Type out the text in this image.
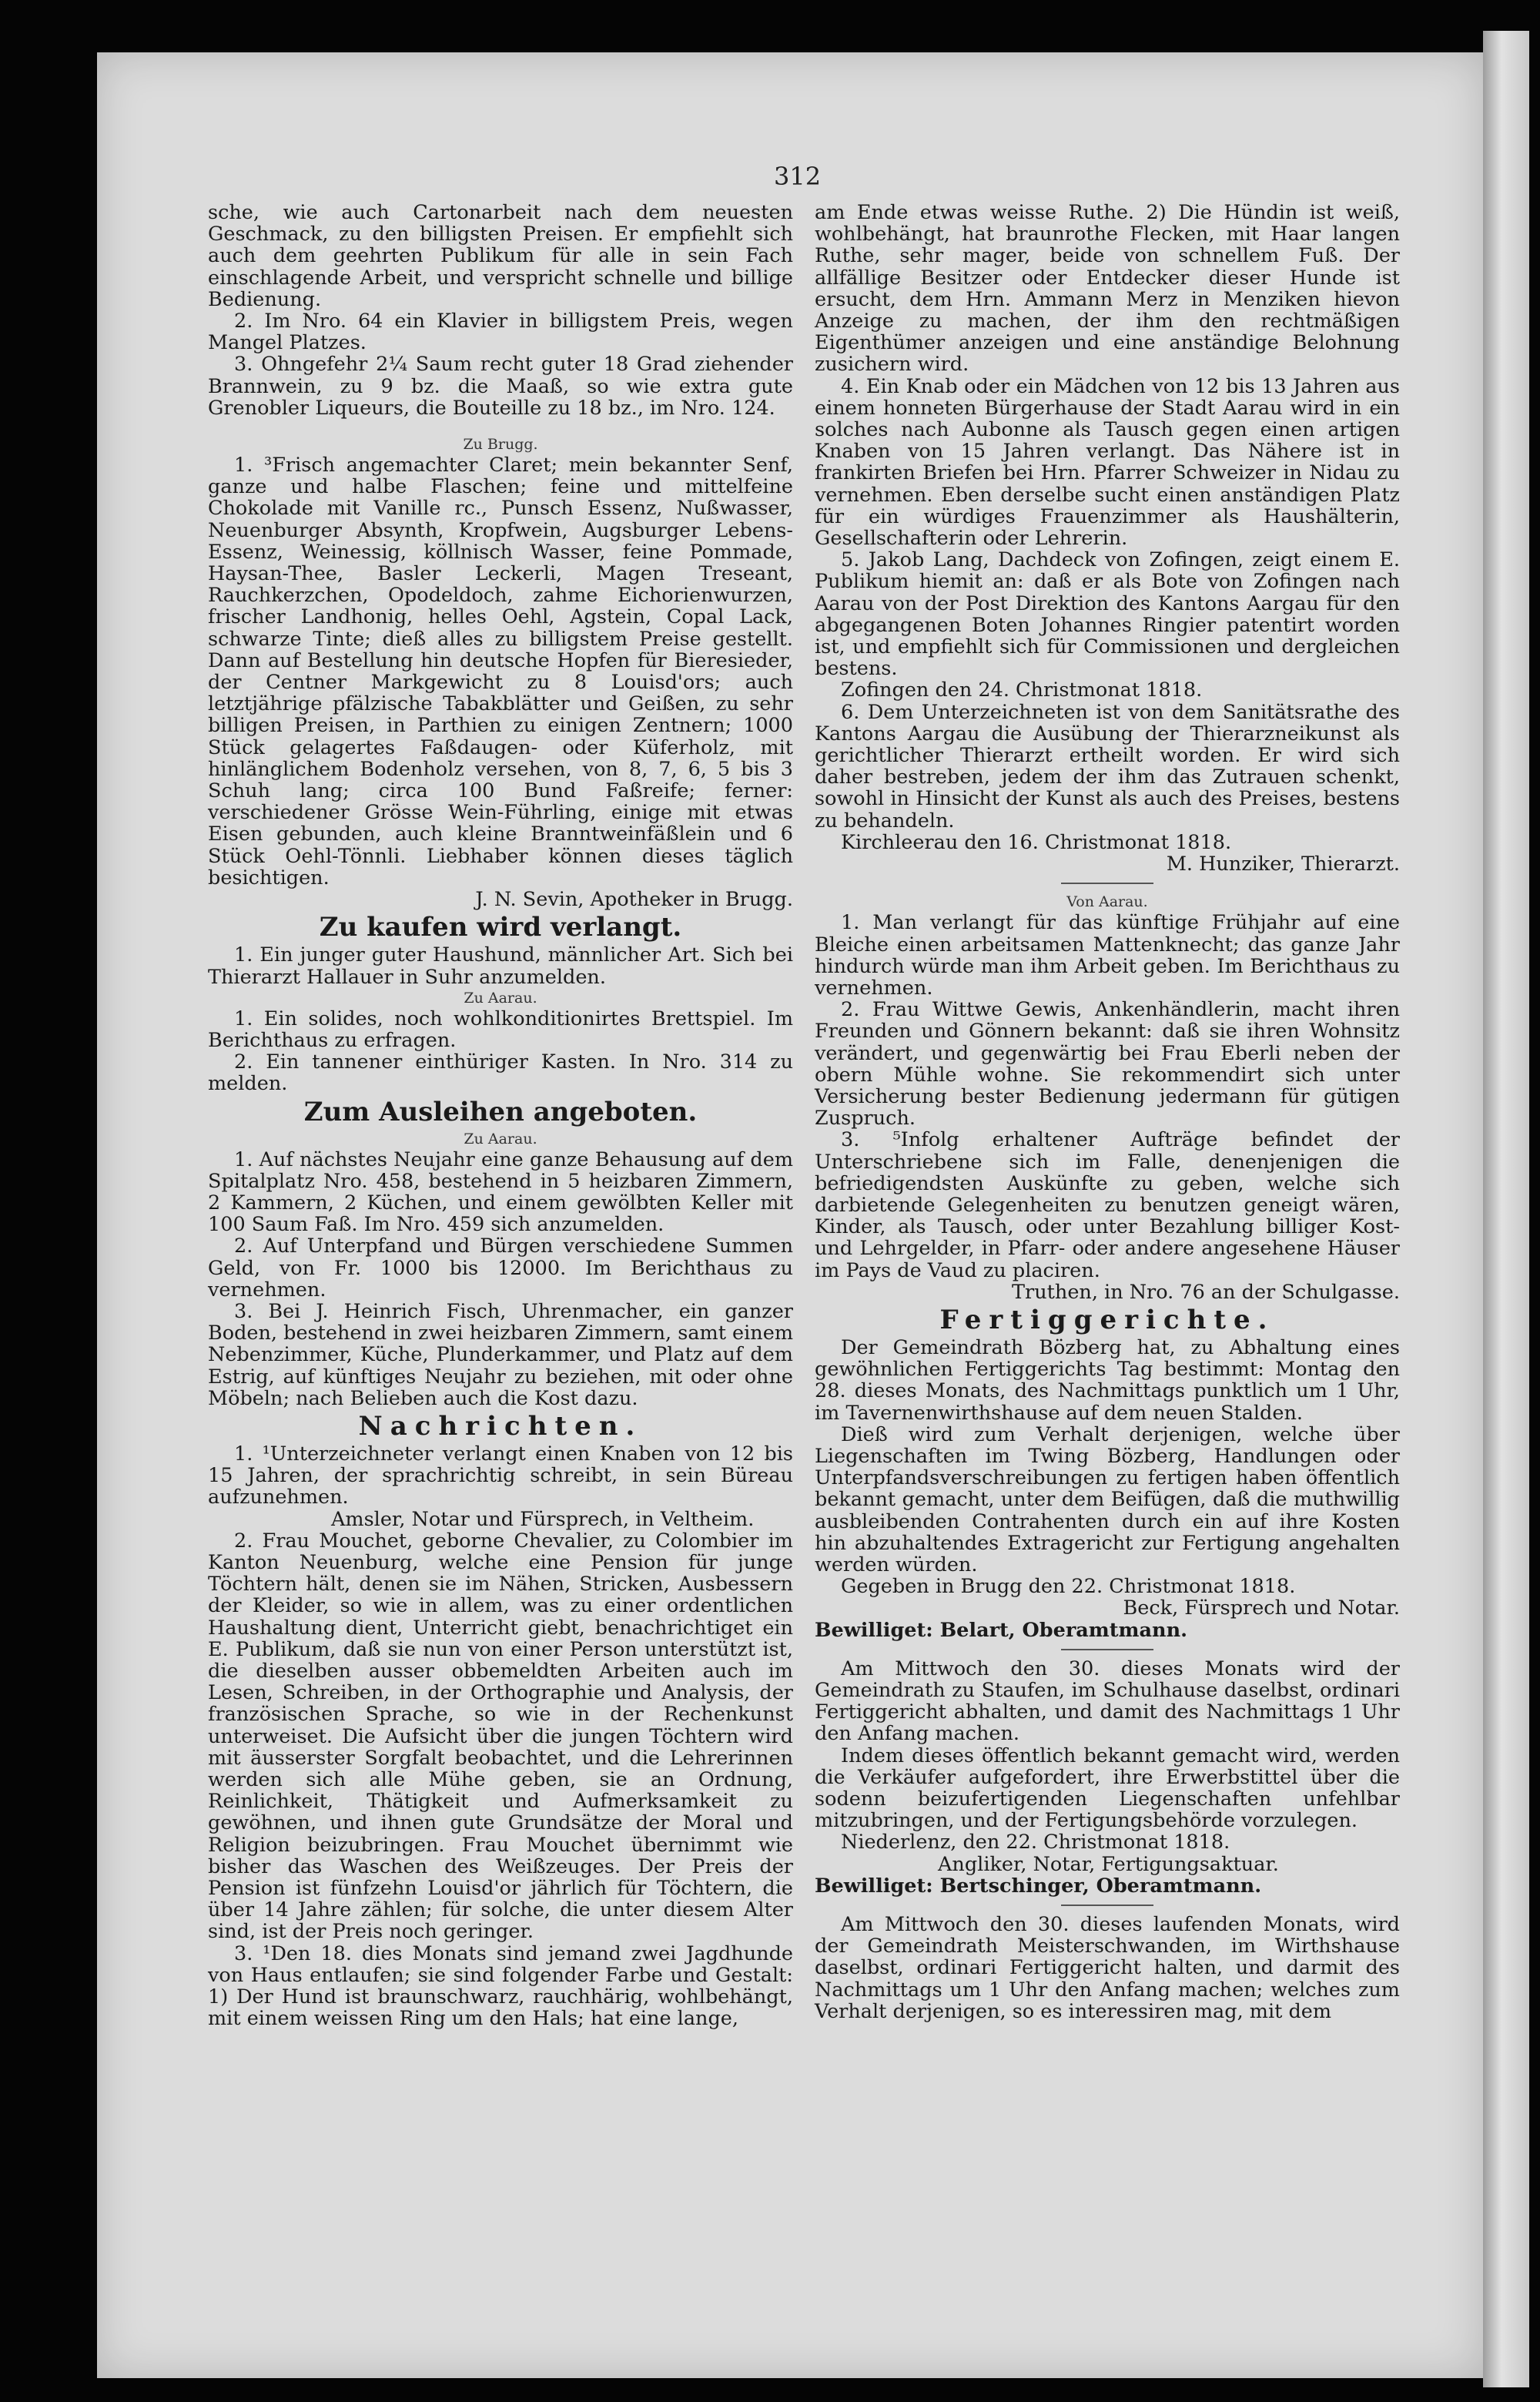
312

sche, wie auch Cartonarbeit nach dem neuesten Geschmack, zu den billigsten Preisen. Er empfiehlt sich auch dem geehrten Publikum für alle in sein Fach einschlagende Arbeit, und verspricht schnelle und billige Bedienung.

2. Im Nro. 64 ein Klavier in billigstem Preis, wegen Mangel Platzes.

3. Ohngefehr 2¼ Saum recht guter 18 Grad ziehender Brannwein, zu 9 bz. die Maaß, so wie extra gute Grenobler Liqueurs, die Bouteille zu 18 bz., im Nro. 124.

Zu Brugg.

1. ³Frisch angemachter Claret; mein bekannter Senf, ganze und halbe Flaschen; feine und mittelfeine Chokolade mit Vanille rc., Punsch Essenz, Nußwasser, Neuenburger Absynth, Kropfwein, Augsburger Lebens-Essenz, Weinessig, köllnisch Wasser, feine Pommade, Haysan-Thee, Basler Leckerli, Magen Treseant, Rauchkerzchen, Opodeldoch, zahme Eichorienwurzen, frischer Landhonig, helles Oehl, Agstein, Copal Lack, schwarze Tinte; dieß alles zu billigstem Preise gestellt. Dann auf Bestellung hin deutsche Hopfen für Bieresieder, der Centner Markgewicht zu 8 Louisd'ors; auch letztjährige pfälzische Tabakblätter und Geißen, zu sehr billigen Preisen, in Parthien zu einigen Zentnern; 1000 Stück gelagertes Faßdaugen- oder Küferholz, mit hinlänglichem Bodenholz versehen, von 8, 7, 6, 5 bis 3 Schuh lang; circa 100 Bund Faßreife; ferner: verschiedener Grösse Wein-Führling, einige mit etwas Eisen gebunden, auch kleine Branntweinfäßlein und 6 Stück Oehl-Tönnli. Liebhaber können dieses täglich besichtigen.

J. N. Sevin, Apotheker in Brugg.

Zu kaufen wird verlangt.

1. Ein junger guter Haushund, männlicher Art. Sich bei Thierarzt Hallauer in Suhr anzumelden.

Zu Aarau.

1. Ein solides, noch wohlkonditionirtes Brettspiel. Im Berichthaus zu erfragen.

2. Ein tannener einthüriger Kasten. In Nro. 314 zu melden.

Zum Ausleihen angeboten.

Zu Aarau.

1. Auf nächstes Neujahr eine ganze Behausung auf dem Spitalplatz Nro. 458, bestehend in 5 heizbaren Zimmern, 2 Kammern, 2 Küchen, und einem gewölbten Keller mit 100 Saum Faß. Im Nro. 459 sich anzumelden.

2. Auf Unterpfand und Bürgen verschiedene Summen Geld, von Fr. 1000 bis 12000. Im Berichthaus zu vernehmen.

3. Bei J. Heinrich Fisch, Uhrenmacher, ein ganzer Boden, bestehend in zwei heizbaren Zimmern, samt einem Nebenzimmer, Küche, Plunderkammer, und Platz auf dem Estrig, auf künftiges Neujahr zu beziehen, mit oder ohne Möbeln; nach Belieben auch die Kost dazu.

Nachrichten.

1. ¹Unterzeichneter verlangt einen Knaben von 12 bis 15 Jahren, der sprachrichtig schreibt, in sein Büreau aufzunehmen.

Amsler, Notar und Fürsprech, in Veltheim.

2. Frau Mouchet, geborne Chevalier, zu Colombier im Kanton Neuenburg, welche eine Pension für junge Töchtern hält, denen sie im Nähen, Stricken, Ausbessern der Kleider, so wie in allem, was zu einer ordentlichen Haushaltung dient, Unterricht giebt, benachrichtiget ein E. Publikum, daß sie nun von einer Person unterstützt ist, die dieselben ausser obbemeldten Arbeiten auch im Lesen, Schreiben, in der Orthographie und Analysis, der französischen Sprache, so wie in der Rechenkunst unterweiset. Die Aufsicht über die jungen Töchtern wird mit äusserster Sorgfalt beobachtet, und die Lehrerinnen werden sich alle Mühe geben, sie an Ordnung, Reinlichkeit, Thätigkeit und Aufmerksamkeit zu gewöhnen, und ihnen gute Grundsätze der Moral und Religion beizubringen. Frau Mouchet übernimmt wie bisher das Waschen des Weißzeuges. Der Preis der Pension ist fünfzehn Louisd'or jährlich für Töchtern, die über 14 Jahre zählen; für solche, die unter diesem Alter sind, ist der Preis noch geringer.

3. ¹Den 18. dies Monats sind jemand zwei Jagdhunde von Haus entlaufen; sie sind folgender Farbe und Gestalt: 1) Der Hund ist braunschwarz, rauchhärig, wohlbehängt, mit einem weissen Ring um den Hals; hat eine lange,

am Ende etwas weisse Ruthe. 2) Die Hündin ist weiß, wohlbehängt, hat braunrothe Flecken, mit Haar langen Ruthe, sehr mager, beide von schnellem Fuß. Der allfällige Besitzer oder Entdecker dieser Hunde ist ersucht, dem Hrn. Ammann Merz in Menziken hievon Anzeige zu machen, der ihm den rechtmäßigen Eigenthümer anzeigen und eine anständige Belohnung zusichern wird.

4. Ein Knab oder ein Mädchen von 12 bis 13 Jahren aus einem honneten Bürgerhause der Stadt Aarau wird in ein solches nach Aubonne als Tausch gegen einen artigen Knaben von 15 Jahren verlangt. Das Nähere ist in frankirten Briefen bei Hrn. Pfarrer Schweizer in Nidau zu vernehmen. Eben derselbe sucht einen anständigen Platz für ein würdiges Frauenzimmer als Haushälterin, Gesellschafterin oder Lehrerin.

5. Jakob Lang, Dachdeck von Zofingen, zeigt einem E. Publikum hiemit an: daß er als Bote von Zofingen nach Aarau von der Post Direktion des Kantons Aargau für den abgegangenen Boten Johannes Ringier patentirt worden ist, und empfiehlt sich für Commissionen und dergleichen bestens.

Zofingen den 24. Christmonat 1818.

6. Dem Unterzeichneten ist von dem Sanitätsrathe des Kantons Aargau die Ausübung der Thierarzneikunst als gerichtlicher Thierarzt ertheilt worden. Er wird sich daher bestreben, jedem der ihm das Zutrauen schenkt, sowohl in Hinsicht der Kunst als auch des Preises, bestens zu behandeln.

Kirchleerau den 16. Christmonat 1818.

M. Hunziker, Thierarzt.

Von Aarau.

1. Man verlangt für das künftige Frühjahr auf eine Bleiche einen arbeitsamen Mattenknecht; das ganze Jahr hindurch würde man ihm Arbeit geben. Im Berichthaus zu vernehmen.

2. Frau Wittwe Gewis, Ankenhändlerin, macht ihren Freunden und Gönnern bekannt: daß sie ihren Wohnsitz verändert, und gegenwärtig bei Frau Eberli neben der obern Mühle wohne. Sie rekommendirt sich unter Versicherung bester Bedienung jedermann für gütigen Zuspruch.

3. ⁵Infolg erhaltener Aufträge befindet der Unterschriebene sich im Falle, denenjenigen die befriedigendsten Auskünfte zu geben, welche sich darbietende Gelegenheiten zu benutzen geneigt wären, Kinder, als Tausch, oder unter Bezahlung billiger Kost- und Lehrgelder, in Pfarr- oder andere angesehene Häuser im Pays de Vaud zu placiren.

Truthen, in Nro. 76 an der Schulgasse.

Fertiggerichte.

Der Gemeindrath Bözberg hat, zu Abhaltung eines gewöhnlichen Fertiggerichts Tag bestimmt: Montag den 28. dieses Monats, des Nachmittags punktlich um 1 Uhr, im Tavernenwirthshause auf dem neuen Stalden.

Dieß wird zum Verhalt derjenigen, welche über Liegenschaften im Twing Bözberg, Handlungen oder Unterpfandsverschreibungen zu fertigen haben öffentlich bekannt gemacht, unter dem Beifügen, daß die muthwillig ausbleibenden Contrahenten durch ein auf ihre Kosten hin abzuhaltendes Extragericht zur Fertigung angehalten werden würden.

Gegeben in Brugg den 22. Christmonat 1818.

Beck, Fürsprech und Notar.

Bewilliget: Belart, Oberamtmann.

Am Mittwoch den 30. dieses Monats wird der Gemeindrath zu Staufen, im Schulhause daselbst, ordinari Fertiggericht abhalten, und damit des Nachmittags 1 Uhr den Anfang machen.

Indem dieses öffentlich bekannt gemacht wird, werden die Verkäufer aufgefordert, ihre Erwerbstittel über die sodenn beizufertigenden Liegenschaften unfehlbar mitzubringen, und der Fertigungsbehörde vorzulegen.

Niederlenz, den 22. Christmonat 1818.

Angliker, Notar, Fertigungsaktuar.

Bewilliget: Bertschinger, Oberamtmann.

Am Mittwoch den 30. dieses laufenden Monats, wird der Gemeindrath Meisterschwanden, im Wirthshause daselbst, ordinari Fertiggericht halten, und darmit des Nachmittags um 1 Uhr den Anfang machen; welches zum Verhalt derjenigen, so es interessiren mag, mit dem
